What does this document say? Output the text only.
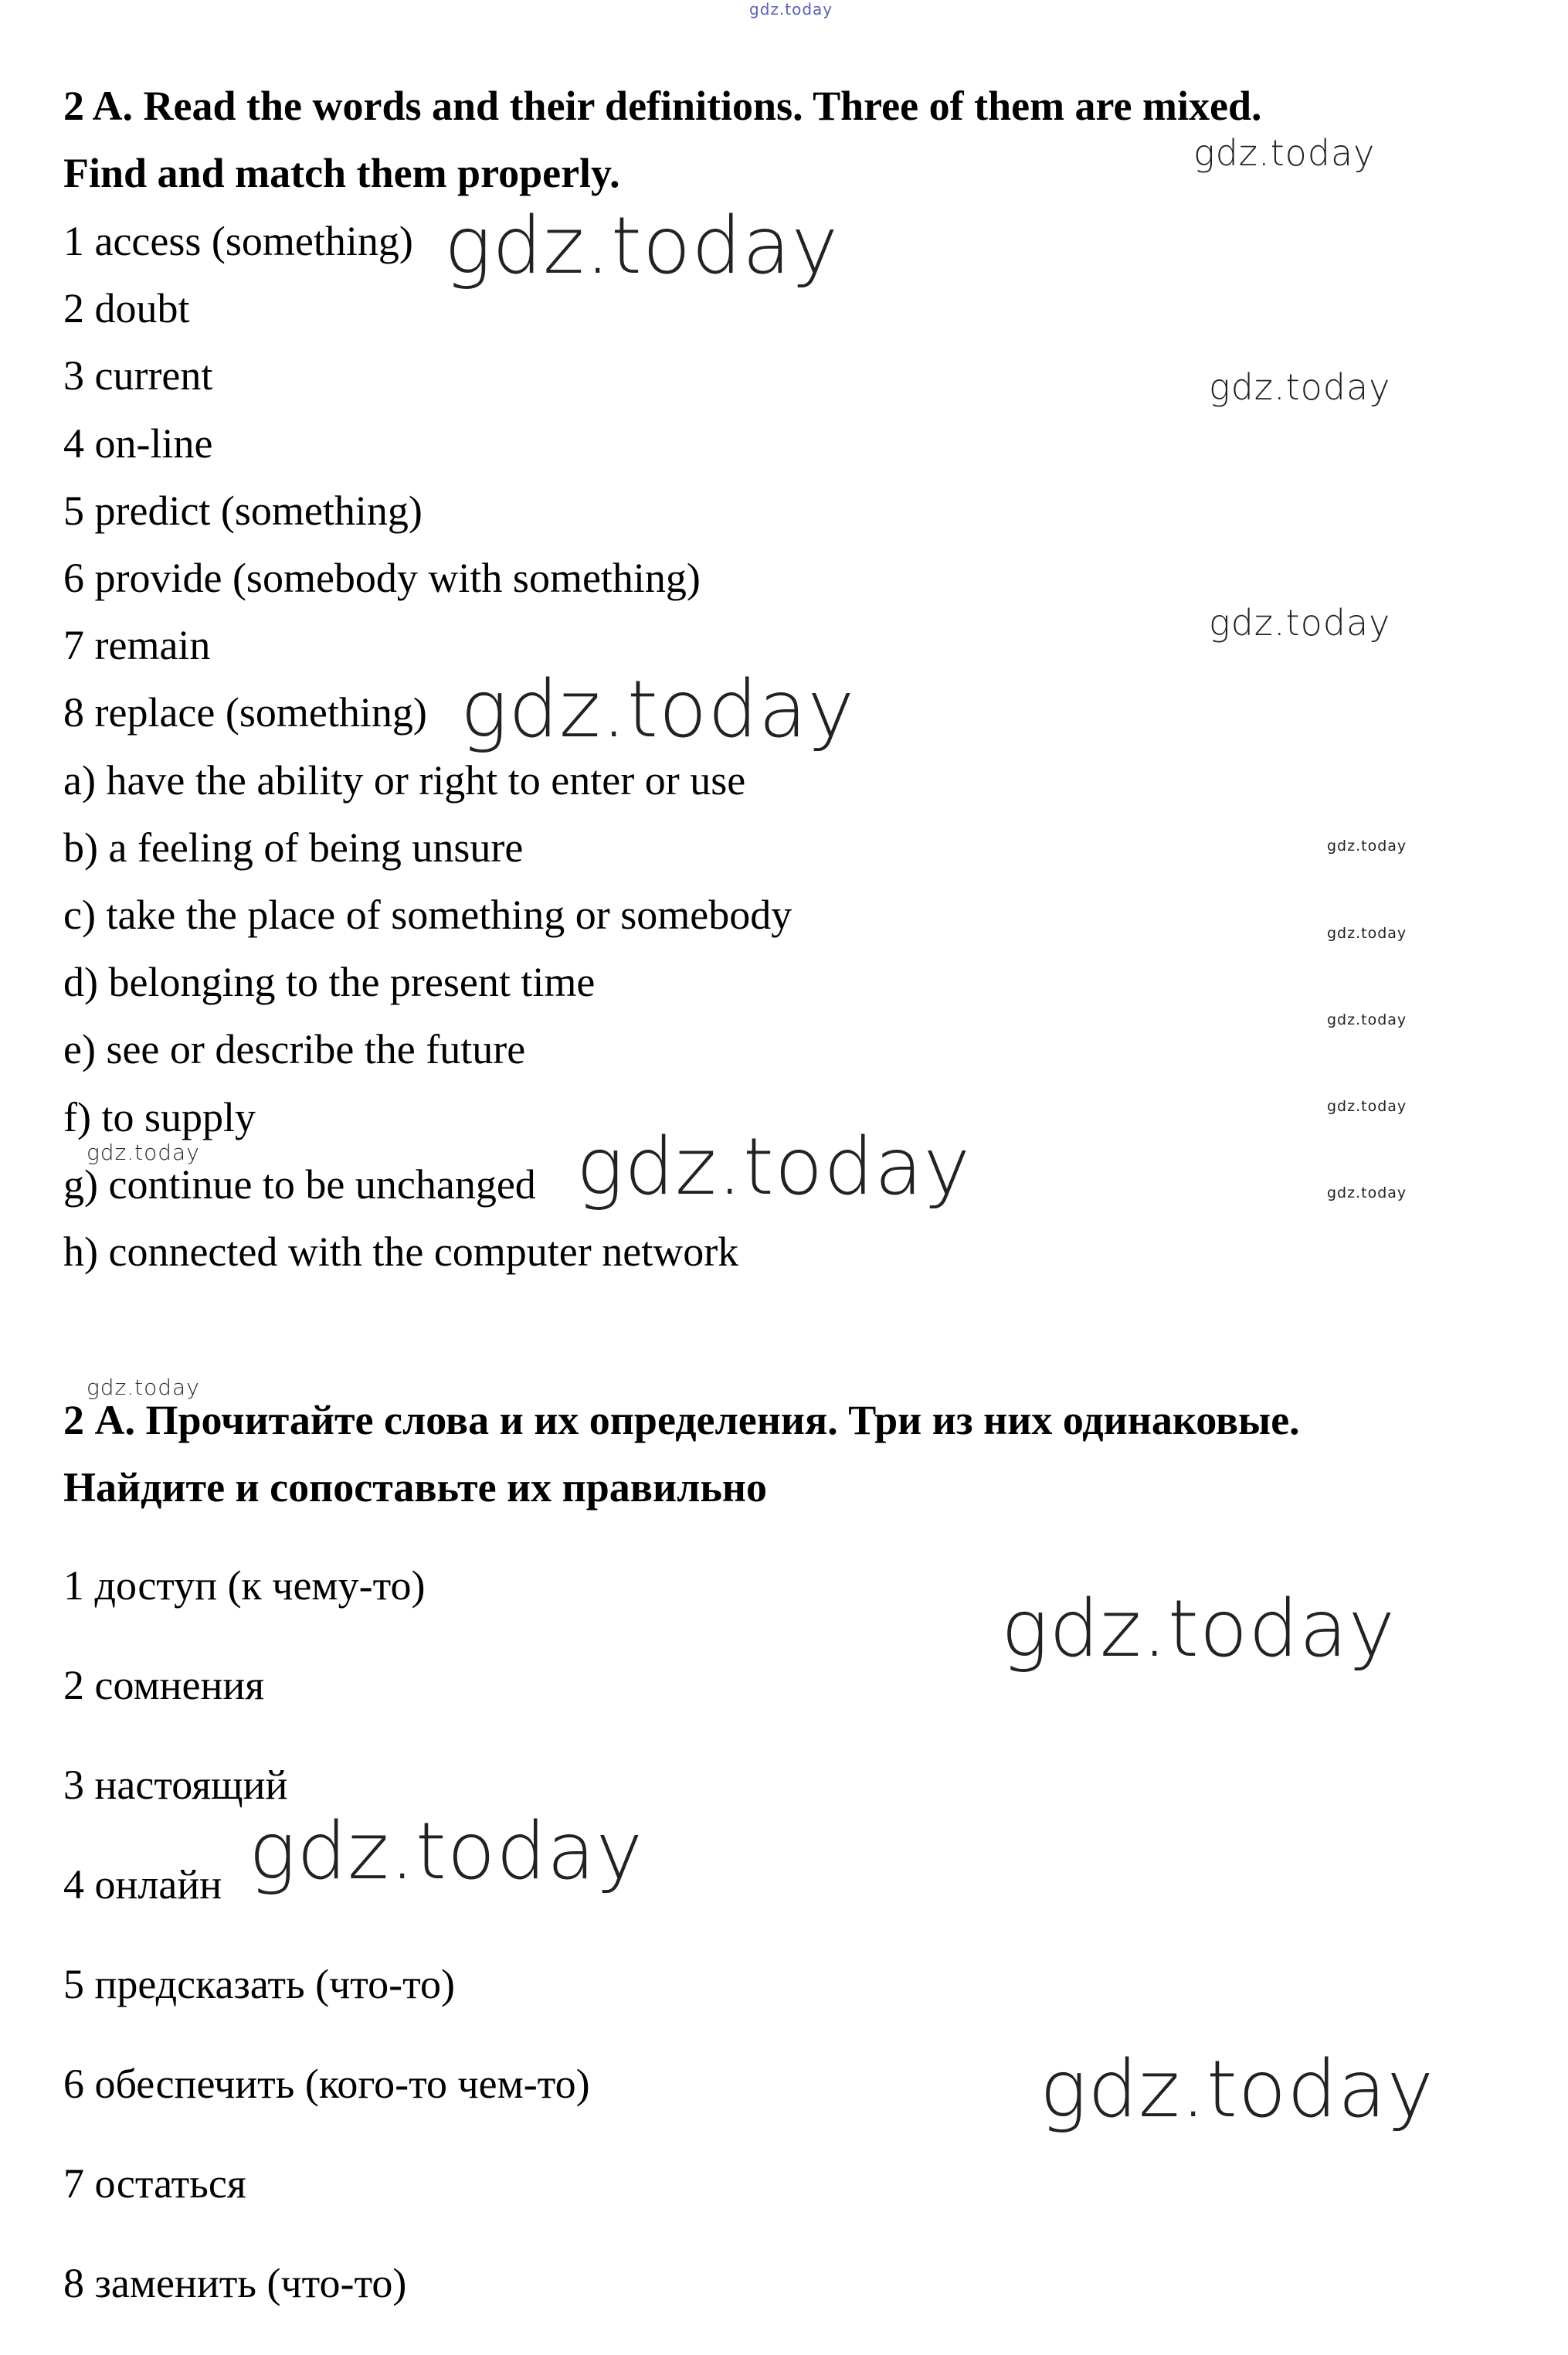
gdz.today
gdz.today
gdz.today
gdz.today
gdz.today
gdz.today
gdz.today
gdz.today
gdz.today
gdz.today
gdz.today
gdz.today	gdz.today
gdz.today
gdz.today
gdz.today
gdz.today

2 A. Read the words and their definitions. Three of them are mixed.

Find and match them properly.

1 access (something)

2 doubt

3 current

4 on-line

5 predict (something)

6 provide (somebody with something)

7 remain

8 replace (something)

a) have the ability or right to enter or use

b) a feeling of being unsure

c) take the place of something or somebody

d) belonging to the present time

e) see or describe the future

f) to supply

g) continue to be unchanged

h) connected with the computer network

2 А. Прочитайте слова и их определения. Три из них одинаковые.

Найдите и сопоставьте их правильно

1 доступ (к чему-то)

2 сомнения

3 настоящий

4 онлайн

5 предсказать (что-то)

6 обеспечить (кого-то чем-то)

7 остаться

8 заменить (что-то)
